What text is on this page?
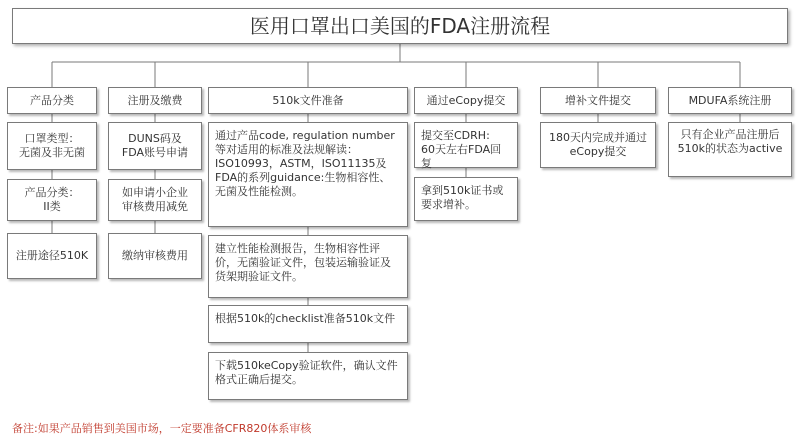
医用口罩出口美国的FDA注册流程
产品分类	注册及缴费	510k文件准备	通过eCopy提交	增补文件提交	MDUFA系统注册
口罩类型：
无菌及非无菌
产品分类：
II类
注册途径510K
DUNS码及
FDA账号申请
如申请小企业
审核费用减免
缴纳审核费用
通过产品code, regulation number等对适用的标准及法规解读：ISO10993，ASTM，ISO11135及FDA的系列guidance:生物相容性、无菌及性能检测。
建立性能检测报告，生物相容性评价，无菌验证文件，包装运输验证及货架期验证文件。
根据510k的checklist准备510k文件
下载510keCopy验证软件，确认文件格式正确后提交。
提交至CDRH:
60天左右FDA回复
拿到510k证书或要求增补。
180天内完成并通过eCopy提交
只有企业产品注册后510k的状态为active
备注:如果产品销售到美国市场，一定要准备CFR820体系审核
